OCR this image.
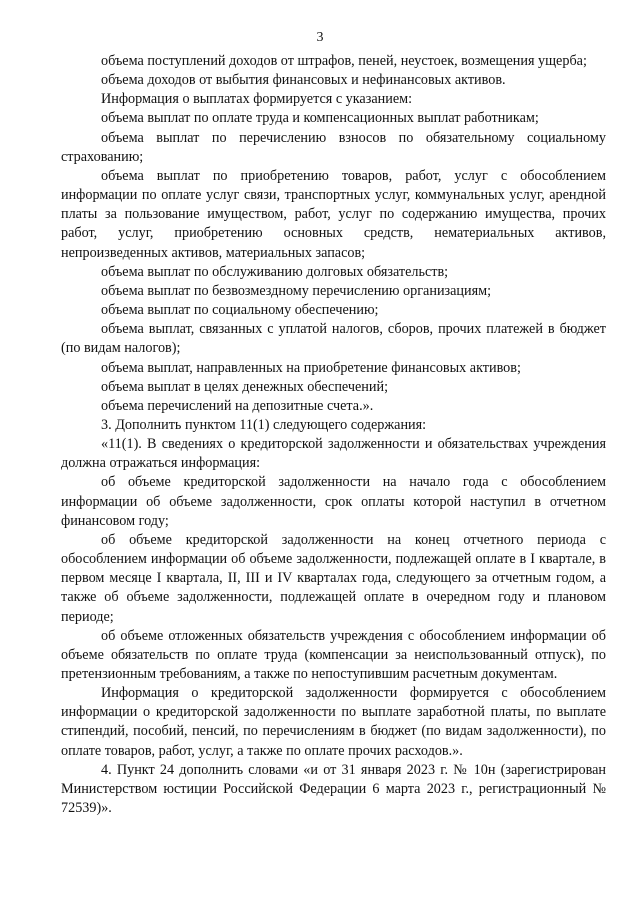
3

объема поступлений доходов от штрафов, пеней, неустоек, возмещения ущерба;

объема доходов от выбытия финансовых и нефинансовых активов.

Информация о выплатах формируется с указанием:

объема выплат по оплате труда и компенсационных выплат работникам;

объема выплат по перечислению взносов по обязательному социальному страхованию;

объема выплат по приобретению товаров, работ, услуг с обособлением информации по оплате услуг связи, транспортных услуг, коммунальных услуг, арендной платы за пользование имуществом, работ, услуг по содержанию имущества, прочих работ, услуг, приобретению основных средств, нематериальных активов, непроизведенных активов, материальных запасов;

объема выплат по обслуживанию долговых обязательств;

объема выплат по безвозмездному перечислению организациям;

объема выплат по социальному обеспечению;

объема выплат, связанных с уплатой налогов, сборов, прочих платежей в бюджет (по видам налогов);

объема выплат, направленных на приобретение финансовых активов;

объема выплат в целях денежных обеспечений;

объема перечислений на депозитные счета.».

3. Дополнить пунктом 11(1) следующего содержания:

«11(1). В сведениях о кредиторской задолженности и обязательствах учреждения должна отражаться информация:

об объеме кредиторской задолженности на начало года с обособлением информации об объеме задолженности, срок оплаты которой наступил в отчетном финансовом году;

об объеме кредиторской задолженности на конец отчетного периода с обособлением информации об объеме задолженности, подлежащей оплате в I квартале, в первом месяце I квартала, II, III и IV кварталах года, следующего за отчетным годом, а также об объеме задолженности, подлежащей оплате в очередном году и плановом периоде;

об объеме отложенных обязательств учреждения с обособлением информации об объеме обязательств по оплате труда (компенсации за неиспользованный отпуск), по претензионным требованиям, а также по непоступившим расчетным документам.

Информация о кредиторской задолженности формируется с обособлением информации о кредиторской задолженности по выплате заработной платы, по выплате стипендий, пособий, пенсий, по перечислениям в бюджет (по видам задолженности), по оплате товаров, работ, услуг, а также по оплате прочих расходов.».

4. Пункт 24 дополнить словами «и от 31 января 2023 г. № 10н (зарегистрирован Министерством юстиции Российской Федерации 6 марта 2023 г., регистрационный № 72539)».
